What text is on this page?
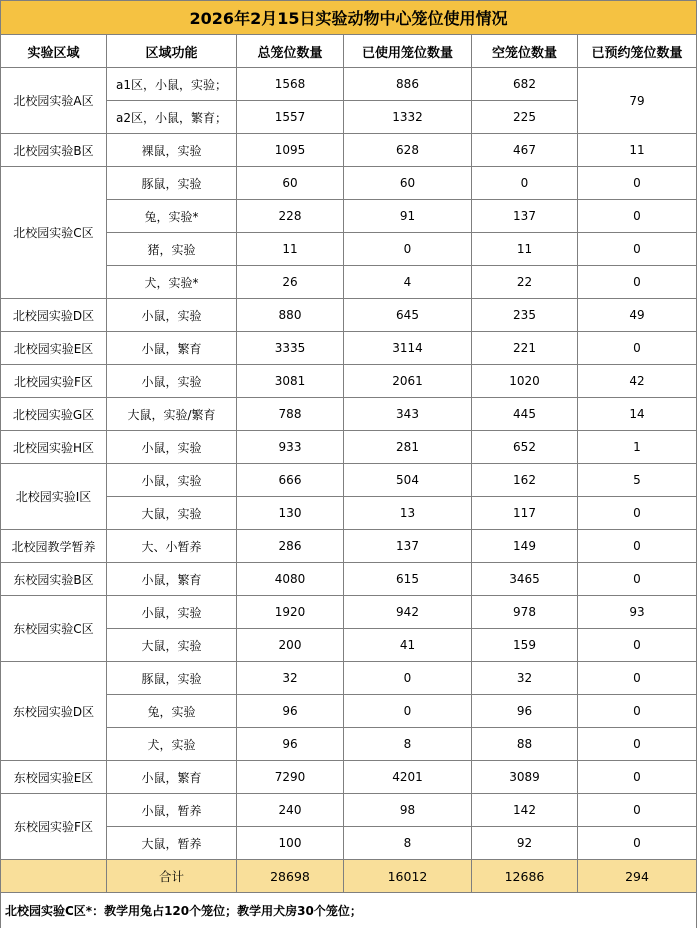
2026年2月15日实验动物中心笼位使用情况					
实验区域	区域功能	总笼位数量	已使用笼位数量	空笼位数量	已预约笼位数量
北校园实验A区	a1区，小鼠，实验；	1568	886	682	79
	a2区，小鼠，繁育；	1557	1332	225	
北校园实验B区	裸鼠，实验	1095	628	467	11
北校园实验C区	豚鼠，实验	60	60	0	0
	兔，实验*	228	91	137	0
	猪，实验	11	0	11	0
	犬，实验*	26	4	22	0
北校园实验D区	小鼠，实验	880	645	235	49
北校园实验E区	小鼠，繁育	3335	3114	221	0
北校园实验F区	小鼠，实验	3081	2061	1020	42
北校园实验G区	大鼠，实验/繁育	788	343	445	14
北校园实验H区	小鼠，实验	933	281	652	1
北校园实验I区	小鼠，实验	666	504	162	5
	大鼠，实验	130	13	117	0
北校园教学暂养	大、小暂养	286	137	149	0
东校园实验B区	小鼠，繁育	4080	615	3465	0
东校园实验C区	小鼠，实验	1920	942	978	93
	大鼠，实验	200	41	159	0
东校园实验D区	豚鼠，实验	32	0	32	0
	兔，实验	96	0	96	0
	犬，实验	96	8	88	0
东校园实验E区	小鼠，繁育	7290	4201	3089	0
东校园实验F区	小鼠，暂养	240	98	142	0
	大鼠，暂养	100	8	92	0
	合计	28698	16012	12686	294
北校园实验C区*：教学用兔占120个笼位；教学用犬房30个笼位；					
